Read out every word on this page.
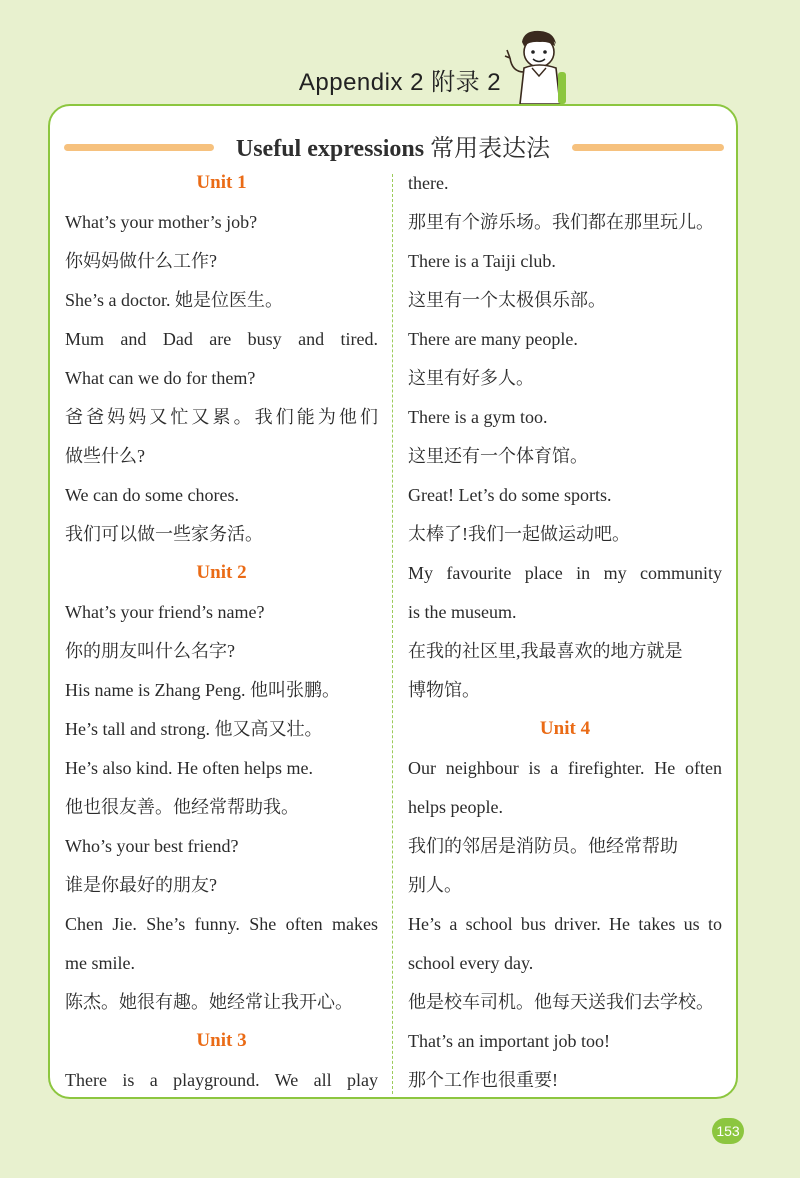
Appendix 2 附录 2
Useful expressions 常用表达法
Unit 1
What’s your mother’s job?
你妈妈做什么工作?
She’s a doctor. 她是位医生。
Mum and Dad are busy and tired.
What can we do for them?
爸爸妈妈又忙又累。我们能为他们
做些什么?
We can do some chores.
我们可以做一些家务活。
Unit 2
What’s your friend’s name?
你的朋友叫什么名字?
His name is Zhang Peng. 他叫张鹏。
He’s tall and strong. 他又高又壮。
He’s also kind. He often helps me.
他也很友善。他经常帮助我。
Who’s your best friend?
谁是你最好的朋友?
Chen Jie. She’s funny. She often makes
me smile.
陈杰。她很有趣。她经常让我开心。
Unit 3
There is a playground. We all play
there.
那里有个游乐场。我们都在那里玩儿。
There is a Taiji club.
这里有一个太极俱乐部。
There are many people.
这里有好多人。
There is a gym too.
这里还有一个体育馆。
Great! Let’s do some sports.
太棒了!我们一起做运动吧。
My favourite place in my community
is the museum.
在我的社区里,我最喜欢的地方就是
博物馆。
Unit 4
Our neighbour is a firefighter. He often
helps people.
我们的邻居是消防员。他经常帮助
别人。
He’s a school bus driver. He takes us to
school every day.
他是校车司机。他每天送我们去学校。
That’s an important job too!
那个工作也很重要!
153
